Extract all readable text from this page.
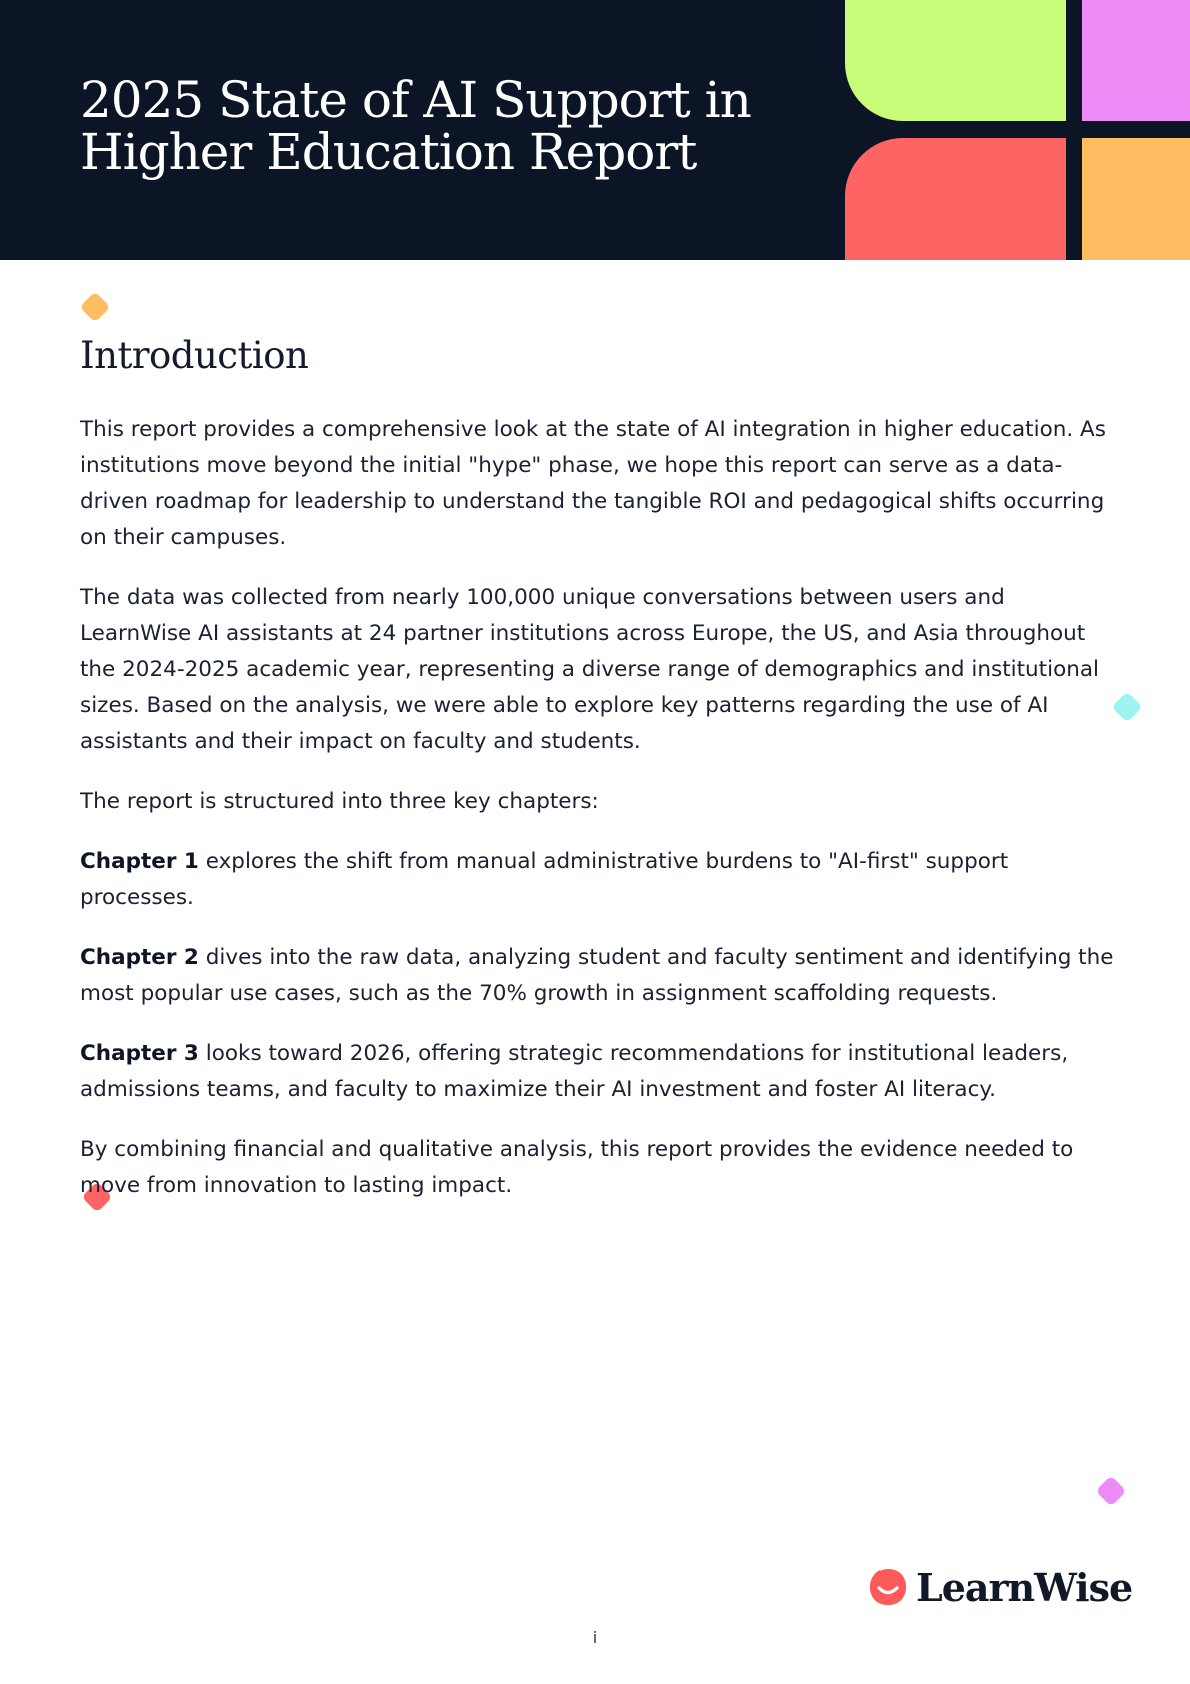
2025 State of AI Support in
Higher Education Report
Introduction

This report provides a comprehensive look at the state of AI integration in higher education. As institutions move beyond the initial "hype" phase, we hope this report can serve as a data-driven roadmap for leadership to understand the tangible ROI and pedagogical shifts occurring on their campuses.

The data was collected from nearly 100,000 unique conversations between users and LearnWise AI assistants at 24 partner institutions across Europe, the US, and Asia throughout the 2024-2025 academic year, representing a diverse range of demographics and institutional sizes. Based on the analysis, we were able to explore key patterns regarding the use of AI assistants and their impact on faculty and students.

The report is structured into three key chapters:

Chapter 1 explores the shift from manual administrative burdens to "AI-first" support processes.

Chapter 2 dives into the raw data, analyzing student and faculty sentiment and identifying the most popular use cases, such as the 70% growth in assignment scaffolding requests.

Chapter 3 looks toward 2026, offering strategic recommendations for institutional leaders, admissions teams, and faculty to maximize their AI investment and foster AI literacy.

By combining financial and qualitative analysis, this report provides the evidence needed to move from innovation to lasting impact.

LearnWise
i
